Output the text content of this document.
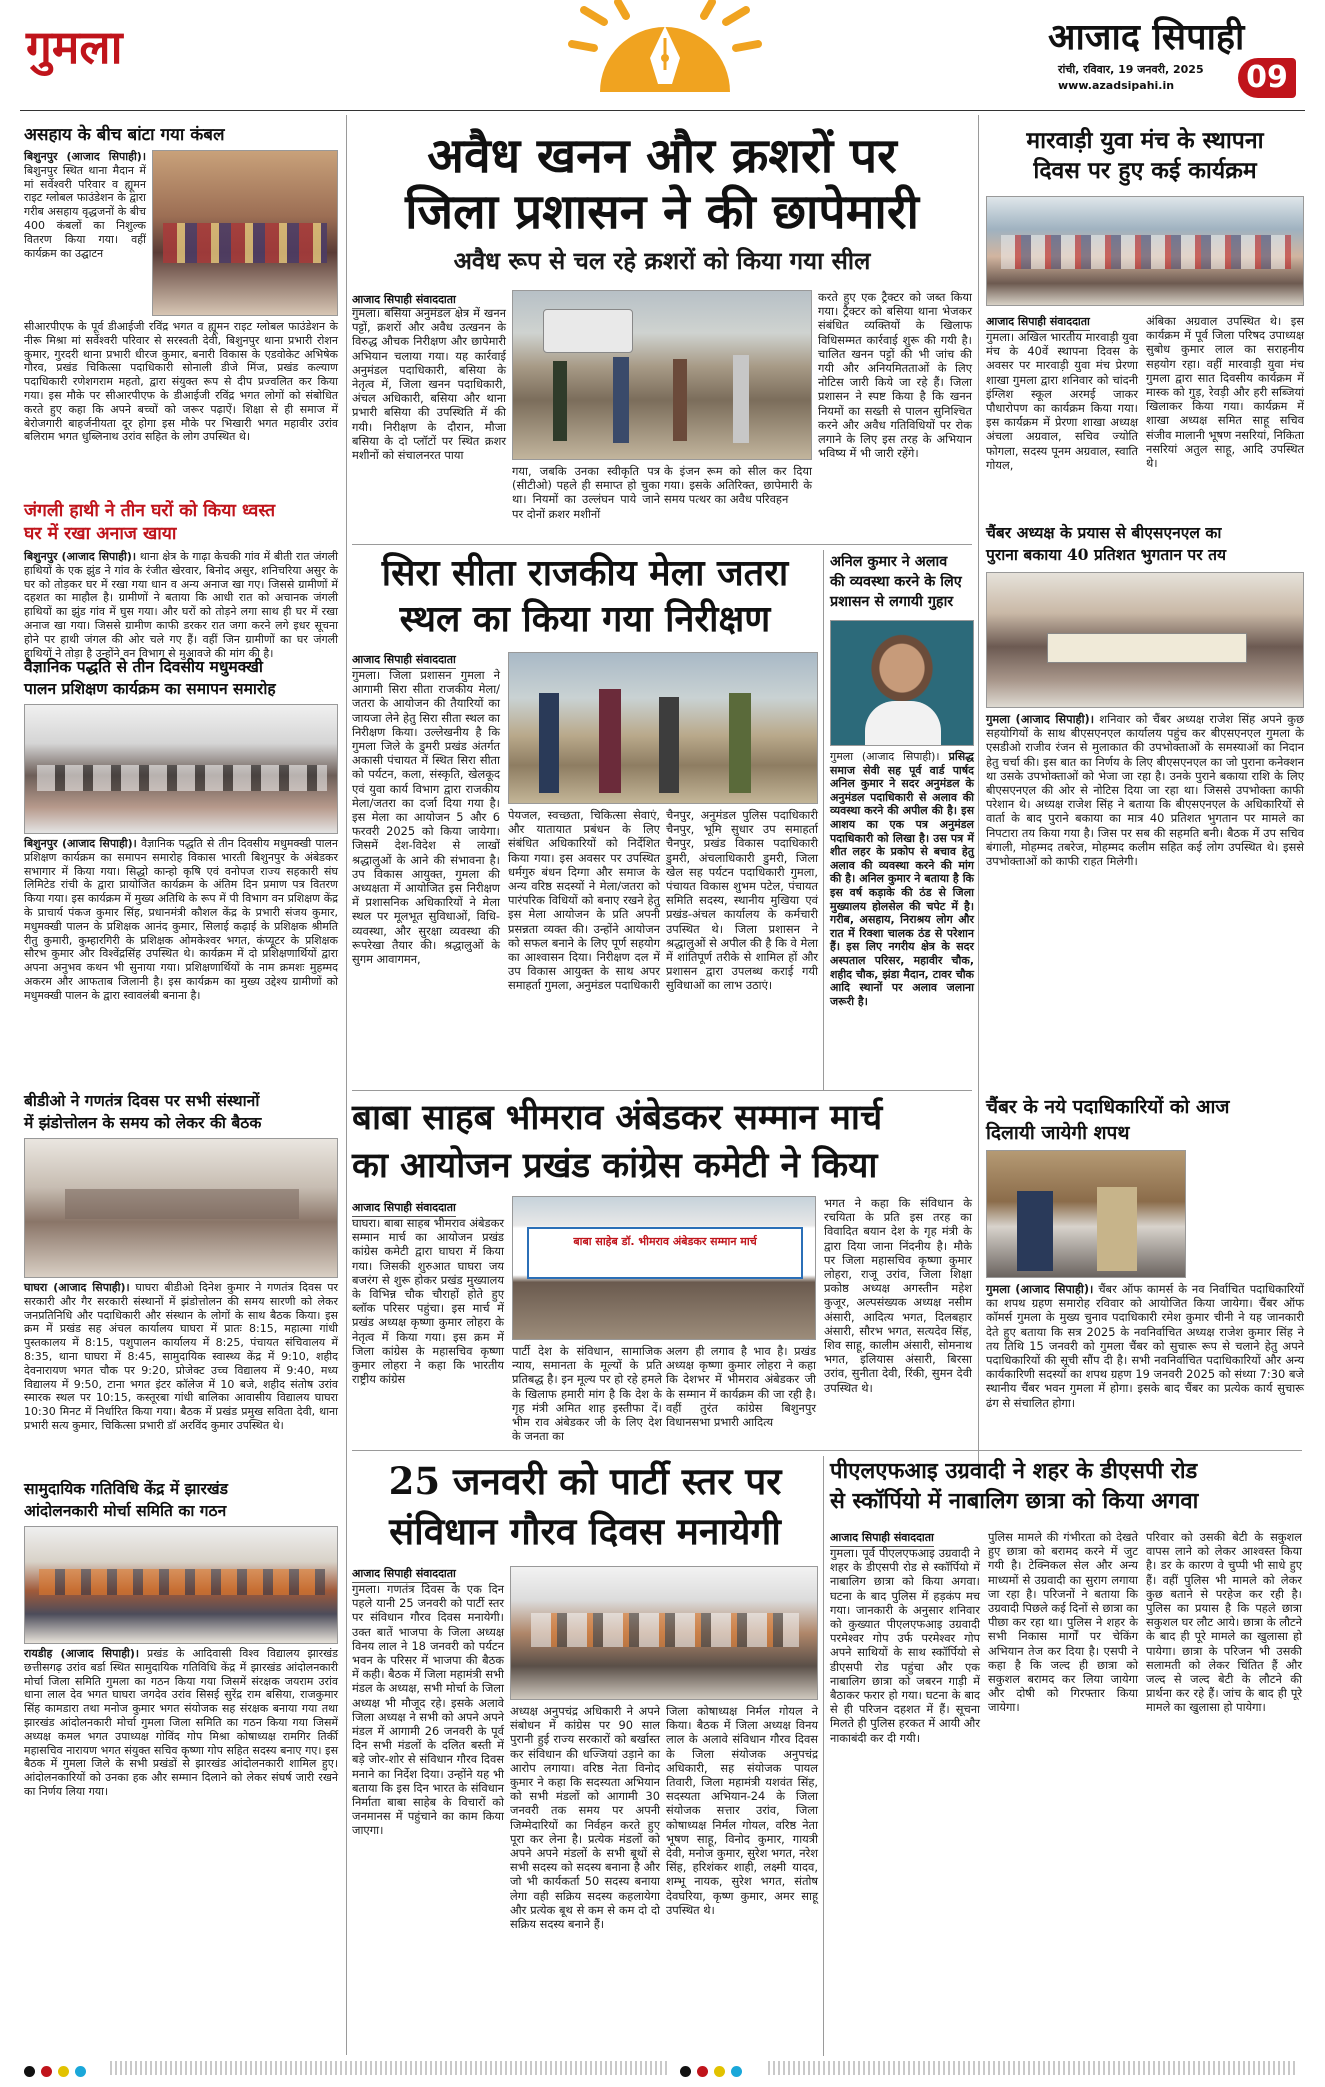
गुमला	आजाद सिपाही
रांची, रविवार, 19 जनवरी, 2025
www.azadsipahi.in 09
असहाय के बीच बांटा गया कंबल

बिशुनपुर (आजाद सिपाही)। बिशुनपुर स्थित थाना मैदान में मां सर्वेश्वरी परिवार व ह्यूमन राइट ग्लोबल फाउंडेशन के द्वारा गरीब असहाय वृद्धजनों के बीच 400 कंबलों का निशुल्क वितरण किया गया। वहीं कार्यक्रम का उद्घाटन

सीआरपीएफ के पूर्व डीआईजी रविंद्र भगत व ह्यूमन राइट ग्लोबल फाउंडेशन के नीरू मिश्रा मां सर्वेश्वरी परिवार से सरस्वती देवी, बिशुनपुर थाना प्रभारी रोशन कुमार, गुरदरी थाना प्रभारी धीरज कुमार, बनारी विकास के एडवोकेट अभिषेक गौरव, प्रखंड चिकित्सा पदाधिकारी सोनाली डीजे मिंज, प्रखंड कल्याण पदाधिकारी रणेशगराम महतो, द्वारा संयुक्त रूप से दीप प्रज्वलित कर किया गया। इस मौके पर सीआरपीएफ के डीआईजी रविंद्र भगत लोगों को संबोधित करते हुए कहा कि अपने बच्चों को जरूर पढ़ाऐं। शिक्षा से ही समाज में बेरोजगारी बाहर्जनीयता दूर होगा इस मौके पर भिखारी भगत महावीर उरांव बलिराम भगत धुब्लिनाथ उरांव सहित के लोग उपस्थित थे।

जंगली हाथी ने तीन घरों को किया ध्वस्त
घर में रखा अनाज खाया

बिशुनपुर (आजाद सिपाही)। थाना क्षेत्र के गाढ़ा केचकी गांव में बीती रात जंगली हाथियों के एक झुंड ने गांव के रंजीत खेरवार, बिनोद असुर, शनिचरिया असुर के घर को तोड़कर घर में रखा गया धान व अन्य अनाज खा गए। जिससे ग्रामीणों में दहशत का माहौल है। ग्रामीणों ने बताया कि आधी रात को अचानक जंगली हाथियों का झुंड गांव में घुस गया। और घरों को तोड़ने लगा साथ ही घर में रखा अनाज खा गया। जिससे ग्रामीण काफी डरकर रात जगा करने लगे इधर सूचना होने पर हाथी जंगल की ओर चले गए हैं। वहीं जिन ग्रामीणों का घर जंगली हाथियों ने तोड़ा है उन्होंने वन विभाग से मुआवजे की मांग की है।

वैज्ञानिक पद्धति से तीन दिवसीय मधुमक्खी
पालन प्रशिक्षण कार्यक्रम का समापन समारोह

बिशुनपुर (आजाद सिपाही)। वैज्ञानिक पद्धति से तीन दिवसीय मधुमक्खी पालन प्रशिक्षण कार्यक्रम का समापन समारोह विकास भारती बिशुनपुर के अंबेडकर सभागार में किया गया। सिद्धो कान्हो कृषि एवं वनोपज राज्य सहकारी संघ लिमिटेड रांची के द्वारा प्रायोजित कार्यक्रम के अंतिम दिन प्रमाण पत्र वितरण किया गया। इस कार्यक्रम में मुख्य अतिथि के रूप में पी विभाग वन प्रशिक्षण केंद्र के प्राचार्य पंकज कुमार सिंह, प्रधानमंत्री कौशल केंद्र के प्रभारी संजय कुमार, मधुमक्खी पालन के प्रशिक्षक आनंद कुमार, सिलाई कढ़ाई के प्रशिक्षक श्रीमति रीतु कुमारी, कुम्हारगिरी के प्रशिक्षक ओमकेश्वर भगत, कंप्यूटर के प्रशिक्षक सौरभ कुमार और विश्वेंद्रसिंह उपस्थित थे। कार्यक्रम में दो प्रशिक्षणार्थियों द्वारा अपना अनुभव कथन भी सुनाया गया। प्रशिक्षणार्थियों के नाम क्रमशः मुहम्मद अकरम और आफताब जिलानी है। इस कार्यक्रम का मुख्य उद्देश्य ग्रामीणों को मधुमक्खी पालन के द्वारा स्वावलंबी बनाना है।

बीडीओ ने गणतंत्र दिवस पर सभी संस्थानों
में झंडोत्तोलन के समय को लेकर की बैठक

घाघरा (आजाद सिपाही)। घाघरा बीडीओ दिनेश कुमार ने गणतंत्र दिवस पर सरकारी और गैर सरकारी संस्थानों में झंडोत्तोलन की समय सारणी को लेकर जनप्रतिनिधि और पदाधिकारी और संस्थान के लोगों के साथ बैठक किया। इस क्रम में प्रखंड सह अंचल कार्यालय घाघरा में प्रातः 8:15, महात्मा गांधी पुस्तकालय में 8:15, पशुपालन कार्यालय में 8:25, पंचायत संचिवालय में 8:35, थाना घाघरा में 8:45, सामुदायिक स्वास्थ्य केंद्र में 9:10, शहीद देवनारायण भगत चौक पर 9:20, प्रोजेक्ट उच्च विद्यालय में 9:40, मध्य विद्यालय में 9:50, टाना भगत इंटर कॉलेज में 10 बजे, शहीद संतोष उरांव स्मारक स्थल पर 10:15, कस्तूरबा गांधी बालिका आवासीय विद्यालय घाघरा 10:30 मिनट में निर्धारित किया गया। बैठक में प्रखंड प्रमुख सविता देवी, थाना प्रभारी सत्य कुमार, चिकित्सा प्रभारी डॉ अरविंद कुमार उपस्थित थे।

सामुदायिक गतिविधि केंद्र में झारखंड
आंदोलनकारी मोर्चा समिति का गठन

रायडीह (आजाद सिपाही)। प्रखंड के आदिवासी विश्व विद्यालय झारखंड छत्तीसगढ़ उरांव बर्डा स्थित सामुदायिक गतिविधि केंद्र में झारखंड आंदोलनकारी मोर्चा जिला समिति गुमला का गठन किया गया जिसमें संरक्षक जयराम उरांव धाना लाल देव भगत घाघरा जगदेव उरांव सिसई सुरेंद्र राम बसिया, राजकुमार सिंह कामडारा तथा मनोज कुमार भगत संयोजक सह संरक्षक बनाया गया तथा झारखंड आंदोलनकारी मोर्चा गुमला जिला समिति का गठन किया गया जिसमें अध्यक्ष कमल भगत उपाध्यक्ष गोविंद गोप मिश्रा कोषाध्यक्ष रामगिर तिर्की महासचिव नारायण भगत संयुक्त सचिव कृष्णा गोप सहित सदस्य बनाए गए। इस बैठक में गुमला जिले के सभी प्रखंडों से झारखंड आंदोलनकारी शामिल हुए। आंदोलनकारियों को उनका हक और सम्मान दिलाने को लेकर संघर्ष जारी रखने का निर्णय लिया गया।

अवैध खनन और क्रशरों पर
जिला प्रशासन ने की छापेमारी
अवैध रूप से चल रहे क्रशरों को किया गया सील
आजाद सिपाही संवाददाता

गुमला। बसिया अनुमंडल क्षेत्र में खनन पट्टों, क्रशरों और अवैध उत्खनन के विरुद्ध औचक निरीक्षण और छापेमारी अभियान चलाया गया। यह कार्रवाई अनुमंडल पदाधिकारी, बसिया के नेतृत्व में, जिला खनन पदाधिकारी, अंचल अधिकारी, बसिया और थाना प्रभारी बसिया की उपस्थिति में की गयी। निरीक्षण के दौरान, मौजा बसिया के दो प्लॉटों पर स्थित क्रशर मशीनों को संचालनरत पाया

गया, जबकि उनका स्वीकृति पत्र (सीटीओ) पहले ही समाप्त हो चुका था। नियमों का उल्लंघन पाये जाने पर दोनों क्रशर मशीनों

के इंजन रूम को सील कर दिया गया। इसके अतिरिक्त, छापेमारी के समय पत्थर का अवैध परिवहन

करते हुए एक ट्रैक्टर को जब्त किया गया। ट्रैक्टर को बसिया थाना भेजकर संबंधित व्यक्तियों के खिलाफ विधिसम्मत कार्रवाई शुरू की गयी है। चालित खनन पट्टों की भी जांच की गयी और अनियमितताओं के लिए नोटिस जारी किये जा रहे हैं। जिला प्रशासन ने स्पष्ट किया है कि खनन नियमों का सख्ती से पालन सुनिश्चित करने और अवैध गतिविधियों पर रोक लगाने के लिए इस तरह के अभियान भविष्य में भी जारी रहेंगे।

सिरा सीता राजकीय मेला जतरा
स्थल का किया गया निरीक्षण
आजाद सिपाही संवाददाता

गुमला। जिला प्रशासन गुमला ने आगामी सिरा सीता राजकीय मेला/जतरा के आयोजन की तैयारियों का जायजा लेने हेतु सिरा सीता स्थल का निरीक्षण किया। उल्लेखनीय है कि गुमला जिले के डुमरी प्रखंड अंतर्गत अकासी पंचायत में स्थित सिरा सीता को पर्यटन, कला, संस्कृति, खेलकूद एवं युवा कार्य विभाग द्वारा राजकीय मेला/जतरा का दर्जा दिया गया है। इस मेला का आयोजन 5 और 6 फरवरी 2025 को किया जायेगा। जिसमें देश-विदेश से लाखों श्रद्धालुओं के आने की संभावना है। उप विकास आयुक्त, गुमला की अध्यक्षता में आयोजित इस निरीक्षण में प्रशासनिक अधिकारियों ने मेला स्थल पर मूलभूत सुविधाओं, विधि-व्यवस्था, और सुरक्षा व्यवस्था की रूपरेखा तैयार की। श्रद्धालुओं के सुगम आवागमन,

पेयजल, स्वच्छता, चिकित्सा सेवाएं, और यातायात प्रबंधन के लिए संबंधित अधिकारियों को निर्देशित किया गया। इस अवसर पर उपस्थित धर्मगुरु बंधन दिग्गा और समाज के अन्य वरिष्ठ सदस्यों ने मेला/जतरा को पारंपरिक विधियों को बनाए रखने हेतु इस मेला आयोजन के प्रति अपनी प्रसन्नता व्यक्त की। उन्होंने आयोजन को सफल बनाने के लिए पूर्ण सहयोग का आश्वासन दिया। निरीक्षण दल में उप विकास आयुक्त के साथ अपर समाहर्ता गुमला, अनुमंडल पदाधिकारी

चैनपुर, अनुमंडल पुलिस पदाधिकारी चैनपुर, भूमि सुधार उप समाहर्ता चैनपुर, प्रखंड विकास पदाधिकारी डुमरी, अंचलाधिकारी डुमरी, जिला खेल सह पर्यटन पदाधिकारी गुमला, पंचायत विकास शुभम पटेल, पंचायत समिति सदस्य, स्थानीय मुखिया एवं प्रखंड-अंचल कार्यालय के कर्मचारी उपस्थित थे। जिला प्रशासन ने श्रद्धालुओं से अपील की है कि वे मेला में शांतिपूर्ण तरीके से शामिल हों और प्रशासन द्वारा उपलब्ध कराई गयी सुविधाओं का लाभ उठाएं।

अनिल कुमार ने अलाव
की व्यवस्था करने के लिए
प्रशासन से लगायी गुहार

गुमला (आजाद सिपाही)। प्रसिद्ध समाज सेवी सह पूर्व वार्ड पार्षद अनिल कुमार ने सदर अनुमंडल के अनुमंडल पदाधिकारी से अलाव की व्यवस्था करने की अपील की है। इस आशय का एक पत्र अनुमंडल पदाधिकारी को लिखा है। उस पत्र में शीत लहर के प्रकोप से बचाव हेतु अलाव की व्यवस्था करने की मांग की है। अनिल कुमार ने बताया है कि इस वर्ष कड़ाके की ठंड से जिला मुख्यालय होलसेल की चपेट में है। गरीब, असहाय, निराश्रय लोग और रात में रिक्शा चालक ठंड से परेशान हैं। इस लिए नगरीय क्षेत्र के सदर अस्पताल परिसर, महावीर चौक, शहीद चौक, झंडा मैदान, टावर चौक आदि स्थानों पर अलाव जलाना जरूरी है।

बाबा साहब भीमराव अंबेडकर सम्मान मार्च
का आयोजन प्रखंड कांग्रेस कमेटी ने किया
आजाद सिपाही संवाददाता

घाघरा। बाबा साहब भीमराव अंबेडकर सम्मान मार्च का आयोजन प्रखंड कांग्रेस कमेटी द्वारा घाघरा में किया गया। जिसकी शुरुआत घाघरा जय बजरंग से शुरू होकर प्रखंड मुख्यालय के विभिन्न चौक चौराहों होते हुए ब्लॉक परिसर पहुंचा। इस मार्च में प्रखंड अध्यक्ष कृष्णा कुमार लोहरा के नेतृत्व में किया गया। इस क्रम में जिला कांग्रेस के महासचिव कृष्णा कुमार लोहरा ने कहा कि भारतीय राष्ट्रीय कांग्रेस

बाबा साहेब डॉ. भीमराव अंबेडकर सम्मान मार्च

पार्टी देश के संविधान, सामाजिक न्याय, समानता के मूल्यों के प्रति प्रतिबद्ध है। इन मूल्य पर हो रहे हमले के खिलाफ हमारी मांग है कि देश के गृह मंत्री अमित शाह इस्तीफा दें। भीम राव अंबेडकर जी के लिए देश के जनता का

अलग ही लगाव है भाव है। प्रखंड अध्यक्ष कृष्णा कुमार लोहरा ने कहा कि देशभर में भीमराव अंबेडकर जी के सम्मान में कार्यक्रम की जा रही है। वहीं तुरंत कांग्रेस बिशुनपुर विधानसभा प्रभारी आदित्य

भगत ने कहा कि संविधान के रचयिता के प्रति इस तरह का विवादित बयान देश के गृह मंत्री के द्वारा दिया जाना निंदनीय है। मौके पर जिला महासचिव कृष्णा कुमार लोहरा, राजू उरांव, जिला शिक्षा प्रकोष्ठ अध्यक्ष अगस्तीन महेश कुजूर, अल्पसंख्यक अध्यक्ष नसीम अंसारी, आदित्य भगत, दिलबहार अंसारी, सौरभ भगत, सत्यदेव सिंह, शिव साहू, कालीम अंसारी, सोमनाथ भगत, इलियास अंसारी, बिरसा उरांव, सुनीता देवी, रिंकी, सुमन देवी उपस्थित थे।

25 जनवरी को पार्टी स्तर पर
संविधान गौरव दिवस मनायेगी
आजाद सिपाही संवाददाता

गुमला। गणतंत्र दिवस के एक दिन पहले यानी 25 जनवरी को पार्टी स्तर पर संविधान गौरव दिवस मनायेगी। उक्त बातें भाजपा के जिला अध्यक्ष विनय लाल ने 18 जनवरी को पर्यटन भवन के परिसर में भाजपा की बैठक में कही। बैठक में जिला महामंत्री सभी मंडल के अध्यक्ष, सभी मोर्चा के जिला अध्यक्ष भी मौजूद रहे। इसके अलावे जिला अध्यक्ष ने सभी को अपने अपने मंडल में आगामी 26 जनवरी के पूर्व दिन सभी मंडलों के दलित बस्ती में बड़े जोर-शोर से संविधान गौरव दिवस मनाने का निर्देश दिया। उन्होंने यह भी बताया कि इस दिन भारत के संविधान निर्माता बाबा साहेब के विचारों को जनमानस में पहुंचाने का काम किया जाएगा।

अध्यक्ष अनुपचंद्र अधिकारी ने अपने संबोधन में कांग्रेस पर 90 साल पुरानी हुई राज्य सरकारों को बर्खास्त कर संविधान की धज्जियां उड़ाने का आरोप लगाया। वरिष्ठ नेता विनोद कुमार ने कहा कि सदस्यता अभियान को सभी मंडलों को आगामी 30 जनवरी तक समय पर अपनी जिम्मेदारियों का निर्वहन करते हुए पूरा कर लेना है। प्रत्येक मंडलों को अपने अपने मंडलों के सभी बूथों से सभी सदस्य को सदस्य बनाना है और जो भी कार्यकर्ता 50 सदस्य बनाया लेगा वही सक्रिय सदस्य कहलायेगा और प्रत्येक बूथ से कम से कम दो दो सक्रिय सदस्य बनाने हैं।

जिला कोषाध्यक्ष निर्मल गोयल ने किया। बैठक में जिला अध्यक्ष विनय लाल के अलावे संविधान गौरव दिवस के जिला संयोजक अनुपचंद्र अधिकारी, सह संयोजक पायल तिवारी, जिला महामंत्री यशवंत सिंह, सदस्यता अभियान-24 के जिला संयोजक सत्तार उरांव, जिला कोषाध्यक्ष निर्मल गोयल, वरिष्ठ नेता भूषण साहू, विनोद कुमार, गायत्री देवी, मनोज कुमार, सुरेश भगत, नरेश सिंह, हरिशंकर शाही, लक्ष्मी यादव, शम्भू नायक, सुरेश भगत, संतोष देवघरिया, कृष्ण कुमार, अमर साहू उपस्थित थे।

पीएलएफआइ उग्रवादी ने शहर के डीएसपी रोड
से स्कॉर्पियो में नाबालिग छात्रा को किया अगवा
आजाद सिपाही संवाददाता

गुमला। पूर्व पीएलएफआइ उग्रवादी ने शहर के डीएसपी रोड से स्कॉर्पियो में नाबालिग छात्रा को किया अगवा। घटना के बाद पुलिस में हड़कंप मच गया। जानकारी के अनुसार शनिवार को कुख्यात पीएलएफआइ उग्रवादी परमेश्वर गोप उर्फ परमेश्वर गोप अपने साथियों के साथ स्कॉर्पियो से डीएसपी रोड पहुंचा और एक नाबालिग छात्रा को जबरन गाड़ी में बैठाकर फरार हो गया। घटना के बाद से ही परिजन दहशत में हैं। सूचना मिलते ही पुलिस हरकत में आयी और नाकाबंदी कर दी गयी।

पुलिस मामले की गंभीरता को देखते हुए छात्रा को बरामद करने में जुट गयी है। टेक्निकल सेल और अन्य माध्यमों से उग्रवादी का सुराग लगाया जा रहा है। परिजनों ने बताया कि उग्रवादी पिछले कई दिनों से छात्रा का पीछा कर रहा था। पुलिस ने शहर के सभी निकास मार्गों पर चेकिंग अभियान तेज कर दिया है। एसपी ने कहा है कि जल्द ही छात्रा को सकुशल बरामद कर लिया जायेगा और दोषी को गिरफ्तार किया जायेगा।

परिवार को उसकी बेटी के सकुशल वापस लाने को लेकर आश्वस्त किया है। डर के कारण वे चुप्पी भी साधे हुए हैं। वहीं पुलिस भी मामले को लेकर कुछ बताने से परहेज कर रही है। पुलिस का प्रयास है कि पहले छात्रा सकुशल घर लौट आये। छात्रा के लौटने के बाद ही पूरे मामले का खुलासा हो पायेगा। छात्रा के परिजन भी उसकी सलामती को लेकर चिंतित हैं और जल्द से जल्द बेटी के लौटने की प्रार्थना कर रहे हैं। जांच के बाद ही पूरे मामले का खुलासा हो पायेगा।

मारवाड़ी युवा मंच के स्थापना
दिवस पर हुए कई कार्यक्रम
आजाद सिपाही संवाददाता

गुमला। अखिल भारतीय मारवाड़ी युवा मंच के 40वें स्थापना दिवस के अवसर पर मारवाड़ी युवा मंच प्रेरणा शाखा गुमला द्वारा शनिवार को चांदनी इंग्लिश स्कूल अरमई जाकर पौधारोपण का कार्यक्रम किया गया। इस कार्यक्रम में प्रेरणा शाखा अध्यक्ष अंचला अग्रवाल, सचिव ज्योति फोगला, सदस्य पूनम अग्रवाल, स्वाति गोयल,

अंबिका अग्रवाल उपस्थित थे। इस कार्यक्रम में पूर्व जिला परिषद उपाध्यक्ष सुबोध कुमार लाल का सराहनीय सहयोग रहा। वहीं मारवाड़ी युवा मंच गुमला द्वारा सात दिवसीय कार्यक्रम में मास्क को गुड़, रेवड़ी और हरी सब्जियां खिलाकर किया गया। कार्यक्रम में शाखा अध्यक्ष समित साहू सचिव संजीव मालानी भूषण नसरियां, निकिता नसरियां अतुल साहू, आदि उपस्थित थे।

चैंबर अध्यक्ष के प्रयास से बीएसएनएल का
पुराना बकाया 40 प्रतिशत भुगतान पर तय

गुमला (आजाद सिपाही)। शनिवार को चैंबर अध्यक्ष राजेश सिंह अपने कुछ सहयोगियों के साथ बीएसएनएल कार्यालय पहुंच कर बीएसएनएल गुमला के एसडीओ राजीव रंजन से मुलाकात की उपभोक्ताओं के समस्याओं का निदान हेतु चर्चा की। इस बात का निर्णय के लिए बीएसएनएल का जो पुराना कनेक्शन था उसके उपभोक्ताओं को भेजा जा रहा है। उनके पुराने बकाया राशि के लिए बीएसएनएल की ओर से नोटिस दिया जा रहा था। जिससे उपभोक्ता काफी परेशान थे। अध्यक्ष राजेश सिंह ने बताया कि बीएसएनएल के अधिकारियों से वार्ता के बाद पुराने बकाया का मात्र 40 प्रतिशत भुगतान पर मामले का निपटारा तय किया गया है। जिस पर सब की सहमति बनी। बैठक में उप सचिव बंगाली, मोहम्मद तबरेज, मोहम्मद कलीम सहित कई लोग उपस्थित थे। इससे उपभोक्ताओं को काफी राहत मिलेगी।

चैंबर के नये पदाधिकारियों को आज
दिलायी जायेगी शपथ

गुमला (आजाद सिपाही)। चैंबर ऑफ कामर्स के नव निर्वाचित पदाधिकारियों का शपथ ग्रहण समारोह रविवार को आयोजित किया जायेगा। चैंबर ऑफ कॉमर्स गुमला के मुख्य चुनाव पदाधिकारी रमेश कुमार चीनी ने यह जानकारी देते हुए बताया कि सत्र 2025 के नवनिर्वाचित अध्यक्ष राजेश कुमार सिंह ने तय तिथि 15 जनवरी को गुमला चैंबर को सुचारू रूप से चलाने हेतु अपने पदाधिकारियों की सूची सौंप दी है। सभी नवनिर्वाचित पदाधिकारियों और अन्य कार्यकारिणी सदस्यों का शपथ ग्रहण 19 जनवरी 2025 को संध्या 7:30 बजे स्थानीय चैंबर भवन गुमला में होगा। इसके बाद चैंबर का प्रत्येक कार्य सुचारू ढंग से संचालित होगा।
